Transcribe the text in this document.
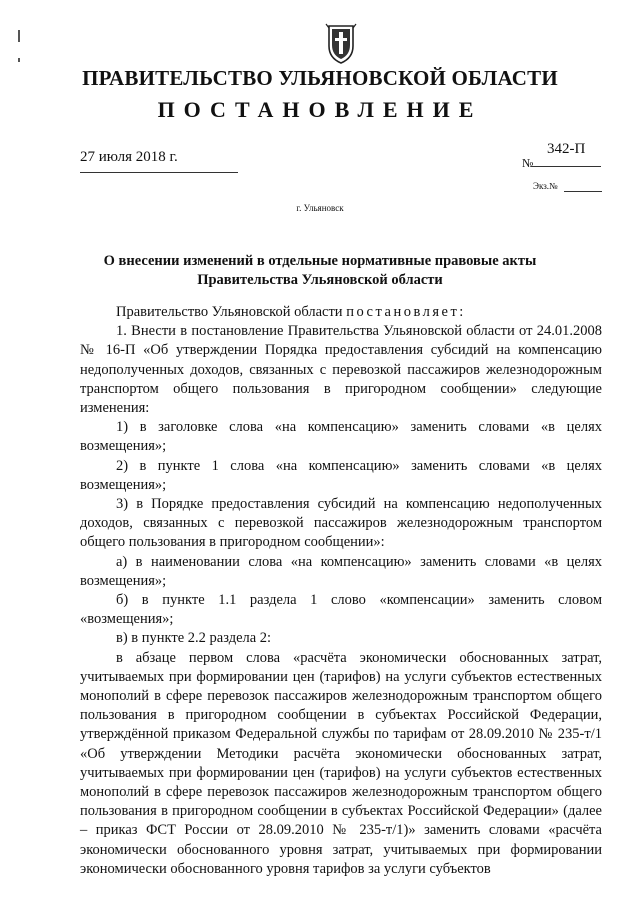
ПРАВИТЕЛЬСТВО УЛЬЯНОВСКОЙ ОБЛАСТИ
ПОСТАНОВЛЕНИЕ
27 июля 2018 г.	№
342-П
Экз.№
г. Ульяновск
О внесении изменений в отдельные нормативные правовые акты
Правительства Ульяновской области

Правительство Ульяновской области постановляет:

1. Внести в постановление Правительства Ульяновской области от 24.01.2008 № 16-П «Об утверждении Порядка предоставления субсидий на компенсацию недополученных доходов, связанных с перевозкой пассажиров железнодорожным транспортом общего пользования в пригородном сообщении» следующие изменения:

1) в заголовке слова «на компенсацию» заменить словами «в целях возмещения»;

2) в пункте 1 слова «на компенсацию» заменить словами «в целях возмещения»;

3) в Порядке предоставления субсидий на компенсацию недополученных доходов, связанных с перевозкой пассажиров железнодорожным транспортом общего пользования в пригородном сообщении»:

а) в наименовании слова «на компенсацию» заменить словами «в целях возмещения»;

б) в пункте 1.1 раздела 1 слово «компенсации» заменить словом «возмещения»;

в) в пункте 2.2 раздела 2:

в абзаце первом слова «расчёта экономически обоснованных затрат, учитываемых при формировании цен (тарифов) на услуги субъектов естественных монополий в сфере перевозок пассажиров железнодорожным транспортом общего пользования в пригородном сообщении в субъектах Российской Федерации, утверждённой приказом Федеральной службы по тарифам от 28.09.2010 № 235-т/1 «Об утверждении Методики расчёта экономически обоснованных затрат, учитываемых при формировании цен (тарифов) на услуги субъектов естественных монополий в сфере перевозок пассажиров железнодорожным транспортом общего пользования в пригородном сообщении в субъектах Российской Федерации» (далее – приказ ФСТ России от 28.09.2010 № 235-т/1)» заменить словами «расчёта экономически обоснованного уровня затрат, учитываемых при формировании экономически обоснованного уровня тарифов за услуги субъектов
